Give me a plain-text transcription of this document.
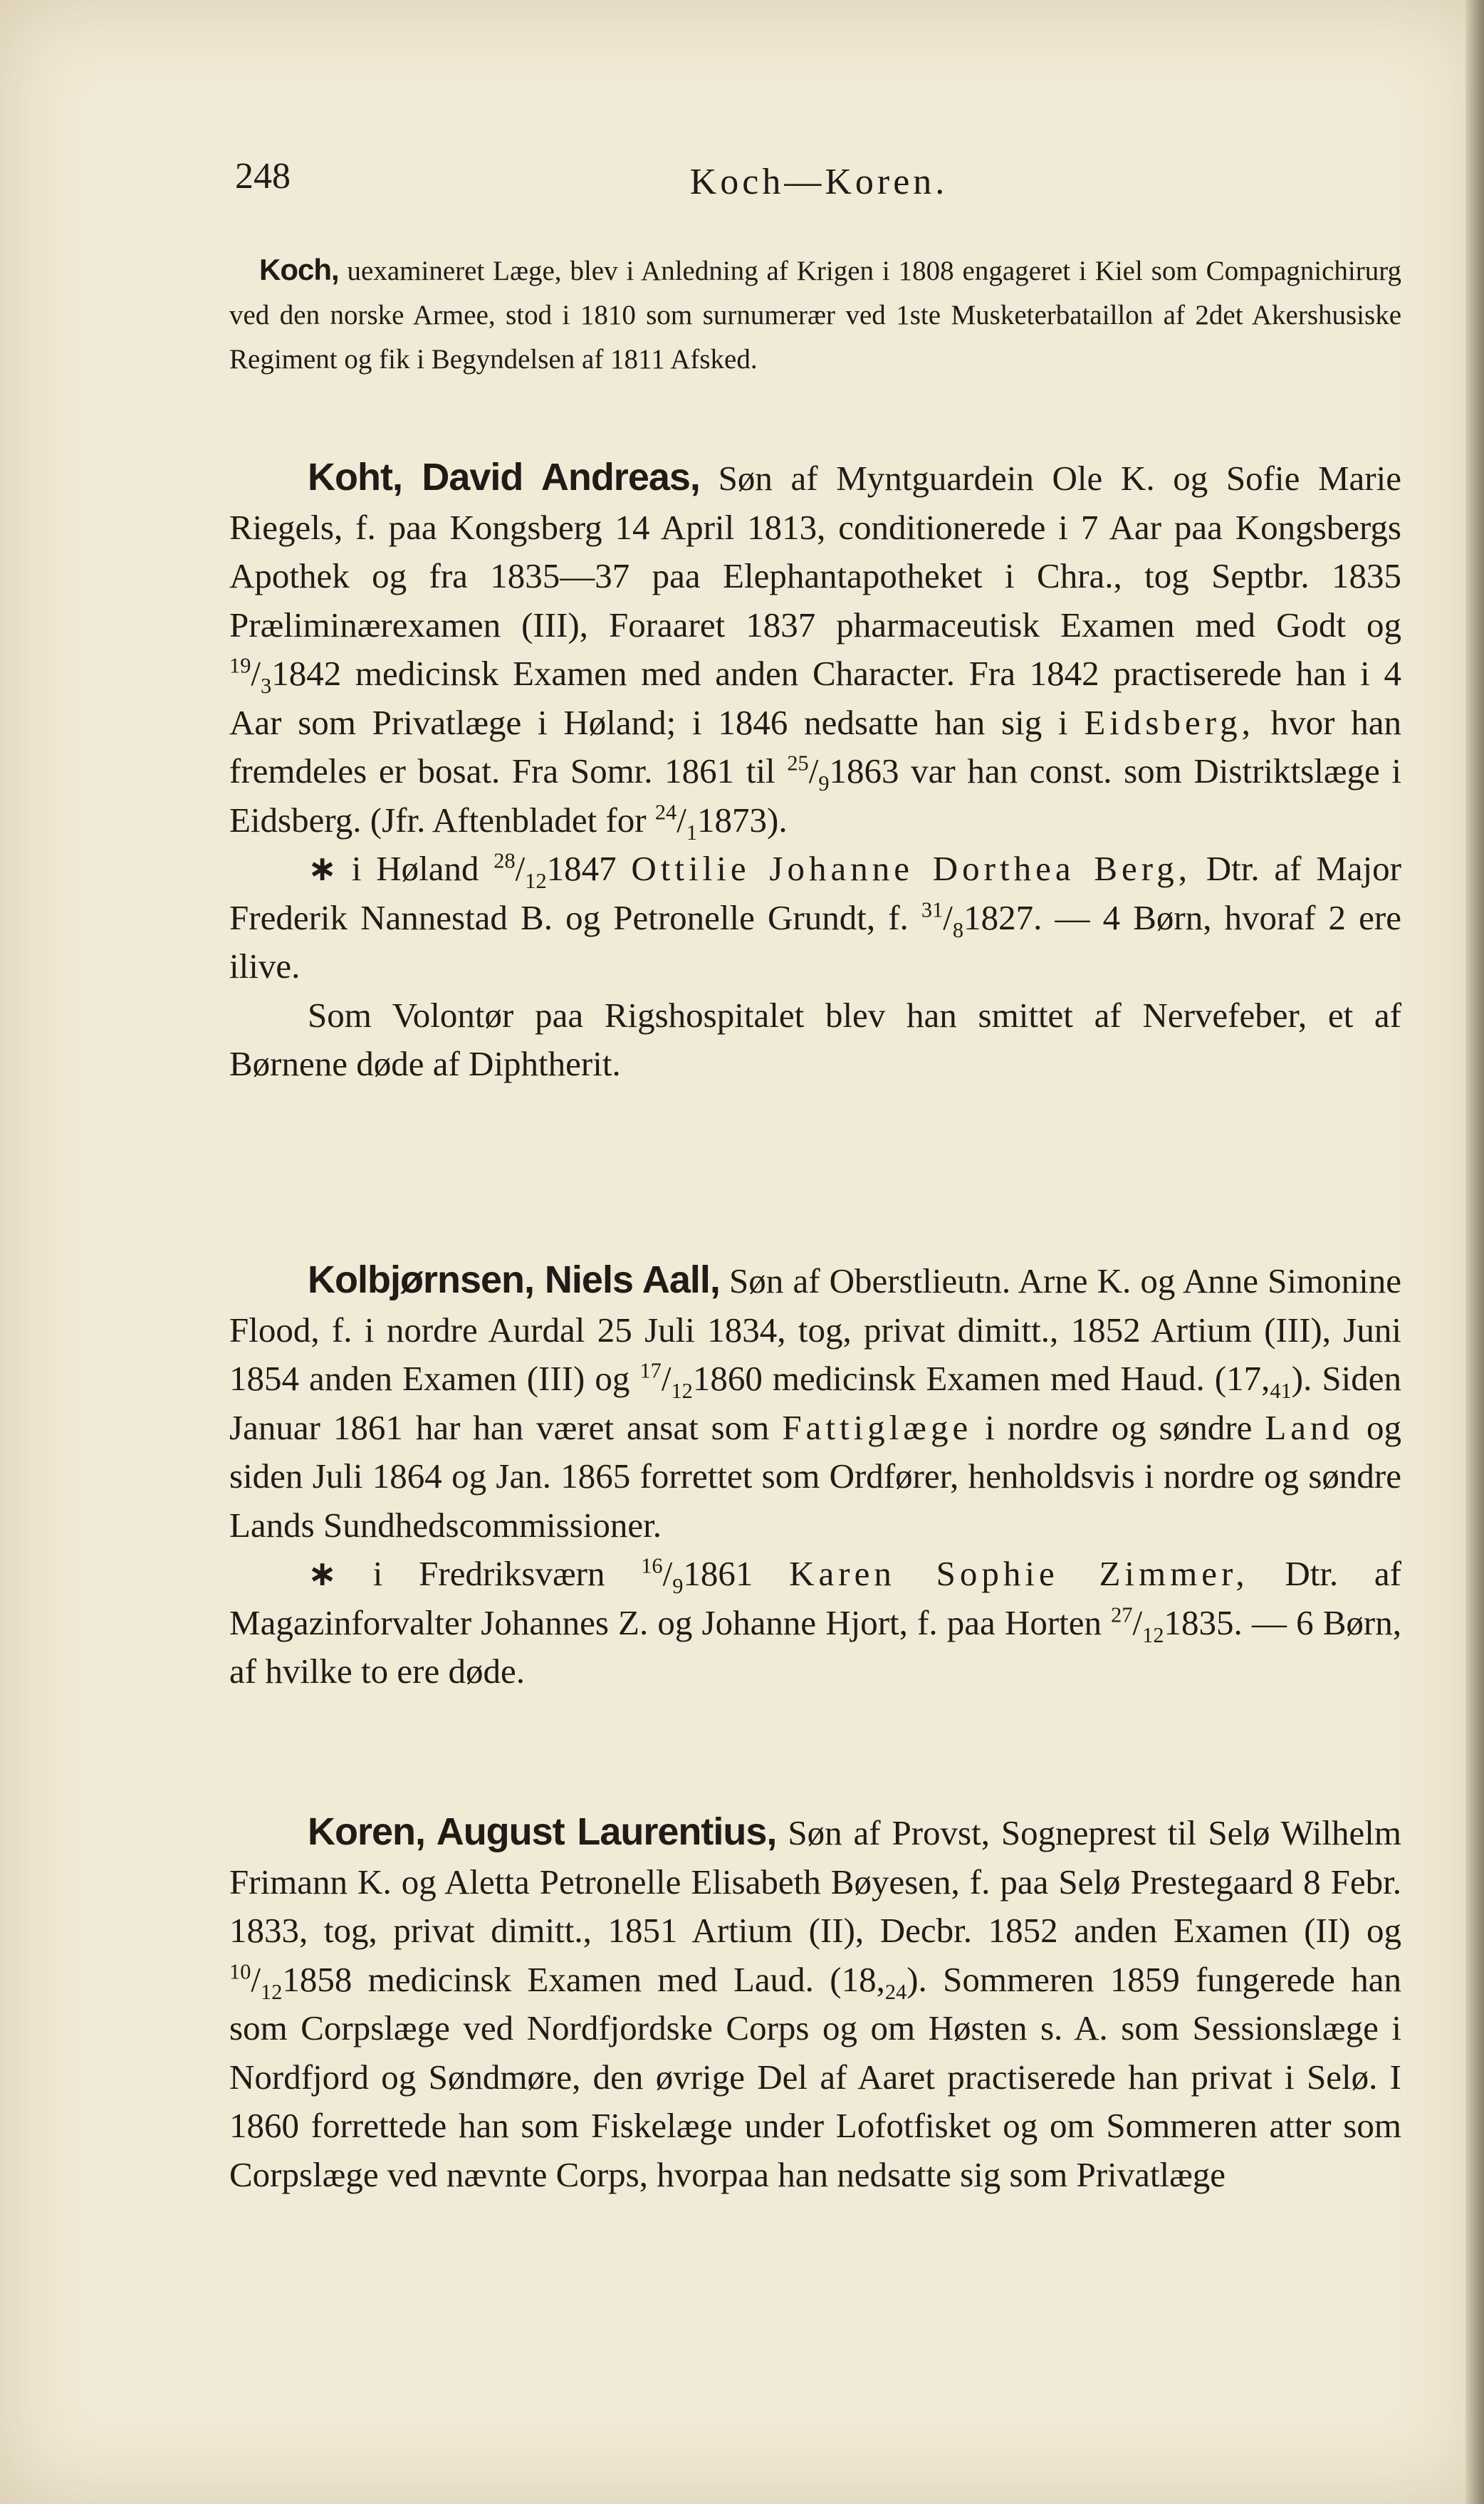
248	Koch—Koren.

Koch, uexamineret Læge, blev i Anledning af Krigen i 1808 engageret i Kiel som Compagnichirurg ved den norske Armee, stod i 1810 som surnumerær ved 1ste Musketerbataillon af 2det Akershusiske Regiment og fik i Begyndelsen af 1811 Afsked.

Koht, David Andreas, Søn af Myntguardein Ole K. og Sofie Marie Riegels, f. paa Kongsberg 14 April 1813, conditionerede i 7 Aar paa Kongsbergs Apothek og fra 1835—37 paa Elephantapotheket i Chra., tog Septbr. 1835 Præliminærexamen (III), Foraaret 1837 pharmaceutisk Examen med Godt og $^{19}/_31842$ medicinsk Examen med anden Character. Fra 1842 practiserede han i 4 Aar som Privatlæge i Høland; i 1846 nedsatte han sig i Eidsberg, hvor han fremdeles er bosat. Fra Somr. 1861 til $^{25}/_91863$ var han const. som Distriktslæge i Eidsberg. (Jfr. Aftenbladet for $^{24}/_11873$).

∗ i Høland $^{28}/_{12}1847$ Ottilie Johanne Dorthea Berg, Dtr. af Major Frederik Nannestad B. og Petronelle Grundt, f. $^{31}/_81827$. — 4 Børn, hvoraf 2 ere ilive.

Som Volontør paa Rigshospitalet blev han smittet af Nervefeber, et af Børnene døde af Diphtherit.

Kolbjørnsen, Niels Aall, Søn af Oberstlieutn. Arne K. og Anne Simonine Flood, f. i nordre Aurdal 25 Juli 1834, tog, privat dimitt., 1852 Artium (III), Juni 1854 anden Examen (III) og $^{17}/_{12}1860$ medicinsk Examen med Haud. $(17,_{41})$. Siden Januar 1861 har han været ansat som Fattiglæge i nordre og søndre Land og siden Juli 1864 og Jan. 1865 forrettet som Ordfører, henholdsvis i nordre og søndre Lands Sundhedscommissioner.

∗ i Fredriksværn $^{16}/_91861$ Karen Sophie Zimmer, Dtr. af Magazinforvalter Johannes Z. og Johanne Hjort, f. paa Horten $^{27}/_{12}1835$. — 6 Børn, af hvilke to ere døde.

Koren, August Laurentius, Søn af Provst, Sogneprest til Selø Wilhelm Frimann K. og Aletta Petronelle Elisabeth Bøyesen, f. paa Selø Prestegaard 8 Febr. 1833, tog, privat dimitt., 1851 Artium (II), Decbr. 1852 anden Examen (II) og $^{10}/_{12}1858$ medicinsk Examen med Laud. $(18,_{24})$. Sommeren 1859 fungerede han som Corpslæge ved Nordfjordske Corps og om Høsten s. A. som Sessionslæge i Nordfjord og Søndmøre, den øvrige Del af Aaret practiserede han privat i Selø. I 1860 forrettede han som Fiskelæge under Lofotfisket og om Sommeren atter som Corpslæge ved nævnte Corps, hvorpaa han nedsatte sig som Privatlæge
